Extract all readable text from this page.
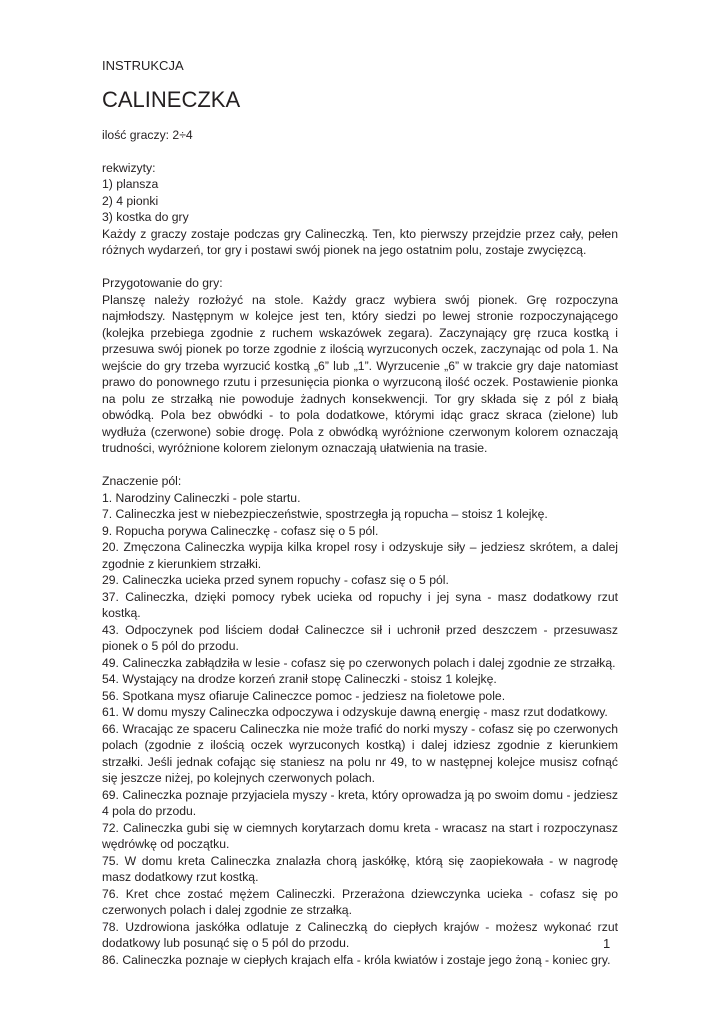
INSTRUKCJA
CALINECZKA

ilość graczy: 2÷4

rekwizyty:

1) plansza

2) 4 pionki

3) kostka do gry

Każdy z graczy zostaje podczas gry Calineczką. Ten, kto pierwszy przejdzie przez cały, pełen różnych wydarzeń, tor gry i postawi swój pionek na jego ostatnim polu, zostaje zwycięzcą.

Przygotowanie do gry:

Planszę należy rozłożyć na stole. Każdy gracz wybiera swój pionek. Grę rozpoczyna najmłodszy. Następnym w kolejce jest ten, który siedzi po lewej stronie rozpoczynającego (kolejka przebiega zgodnie z ruchem wskazówek zegara). Zaczynający grę rzuca kostką i przesuwa swój pionek po torze zgodnie z ilością wyrzuconych oczek, zaczynając od pola 1. Na wejście do gry trzeba wyrzucić kostką „6” lub „1”. Wyrzucenie „6” w trakcie gry daje natomiast prawo do ponownego rzutu i przesunięcia pionka o wyrzuconą ilość oczek. Postawienie pionka na polu ze strzałką nie powoduje żadnych konsekwencji. Tor gry składa się z pól z białą obwódką. Pola bez obwódki - to pola dodatkowe, którymi idąc gracz skraca (zielone) lub wydłuża (czerwone) sobie drogę. Pola z obwódką wyróżnione czerwonym kolorem oznaczają trudności, wyróżnione kolorem zielonym oznaczają ułatwienia na trasie.

Znaczenie pól:

1. Narodziny Calineczki - pole startu.

7. Calineczka jest w niebezpieczeństwie, spostrzegła ją ropucha – stoisz 1 kolejkę.

9. Ropucha porywa Calineczkę - cofasz się o 5 pól.

20. Zmęczona Calineczka wypija kilka kropel rosy i odzyskuje siły – jedziesz skrótem, a dalej zgodnie z kierunkiem strzałki.

29. Calineczka ucieka przed synem ropuchy - cofasz się o 5 pól.

37. Calineczka, dzięki pomocy rybek ucieka od ropuchy i jej syna - masz dodatkowy rzut kostką.

43. Odpoczynek pod liściem dodał Calineczce sił i uchronił przed deszczem - przesuwasz pionek o 5 pól do przodu.

49. Calineczka zabłądziła w lesie - cofasz się po czerwonych polach i dalej zgodnie ze strzałką.

54. Wystający na drodze korzeń zranił stopę Calineczki - stoisz 1 kolejkę.

56. Spotkana mysz ofiaruje Calineczce pomoc - jedziesz na fioletowe pole.

61. W domu myszy Calineczka odpoczywa i odzyskuje dawną energię - masz rzut dodatkowy.

66. Wracając ze spaceru Calineczka nie może trafić do norki myszy - cofasz się po czerwonych polach (zgodnie z ilością oczek wyrzuconych kostką) i dalej idziesz zgodnie z kierunkiem strzałki. Jeśli jednak cofając się staniesz na polu nr 49, to w następnej kolejce musisz cofnąć się jeszcze niżej, po kolejnych czerwonych polach.

69. Calineczka poznaje przyjaciela myszy - kreta, który oprowadza ją po swoim domu - jedziesz 4 pola do przodu.

72. Calineczka gubi się w ciemnych korytarzach domu kreta - wracasz na start i rozpoczynasz wędrówkę od początku.

75. W domu kreta Calineczka znalazła chorą jaskółkę, którą się zaopiekowała - w nagrodę masz dodatkowy rzut kostką.

76. Kret chce zostać mężem Calineczki. Przerażona dziewczynka ucieka - cofasz się po czerwonych polach i dalej zgodnie ze strzałką.

78. Uzdrowiona jaskółka odlatuje z Calineczką do ciepłych krajów - możesz wykonać rzut dodatkowy lub posunąć się o 5 pól do przodu.

86. Calineczka poznaje w ciepłych krajach elfa - króla kwiatów i zostaje jego żoną - koniec gry.

1
